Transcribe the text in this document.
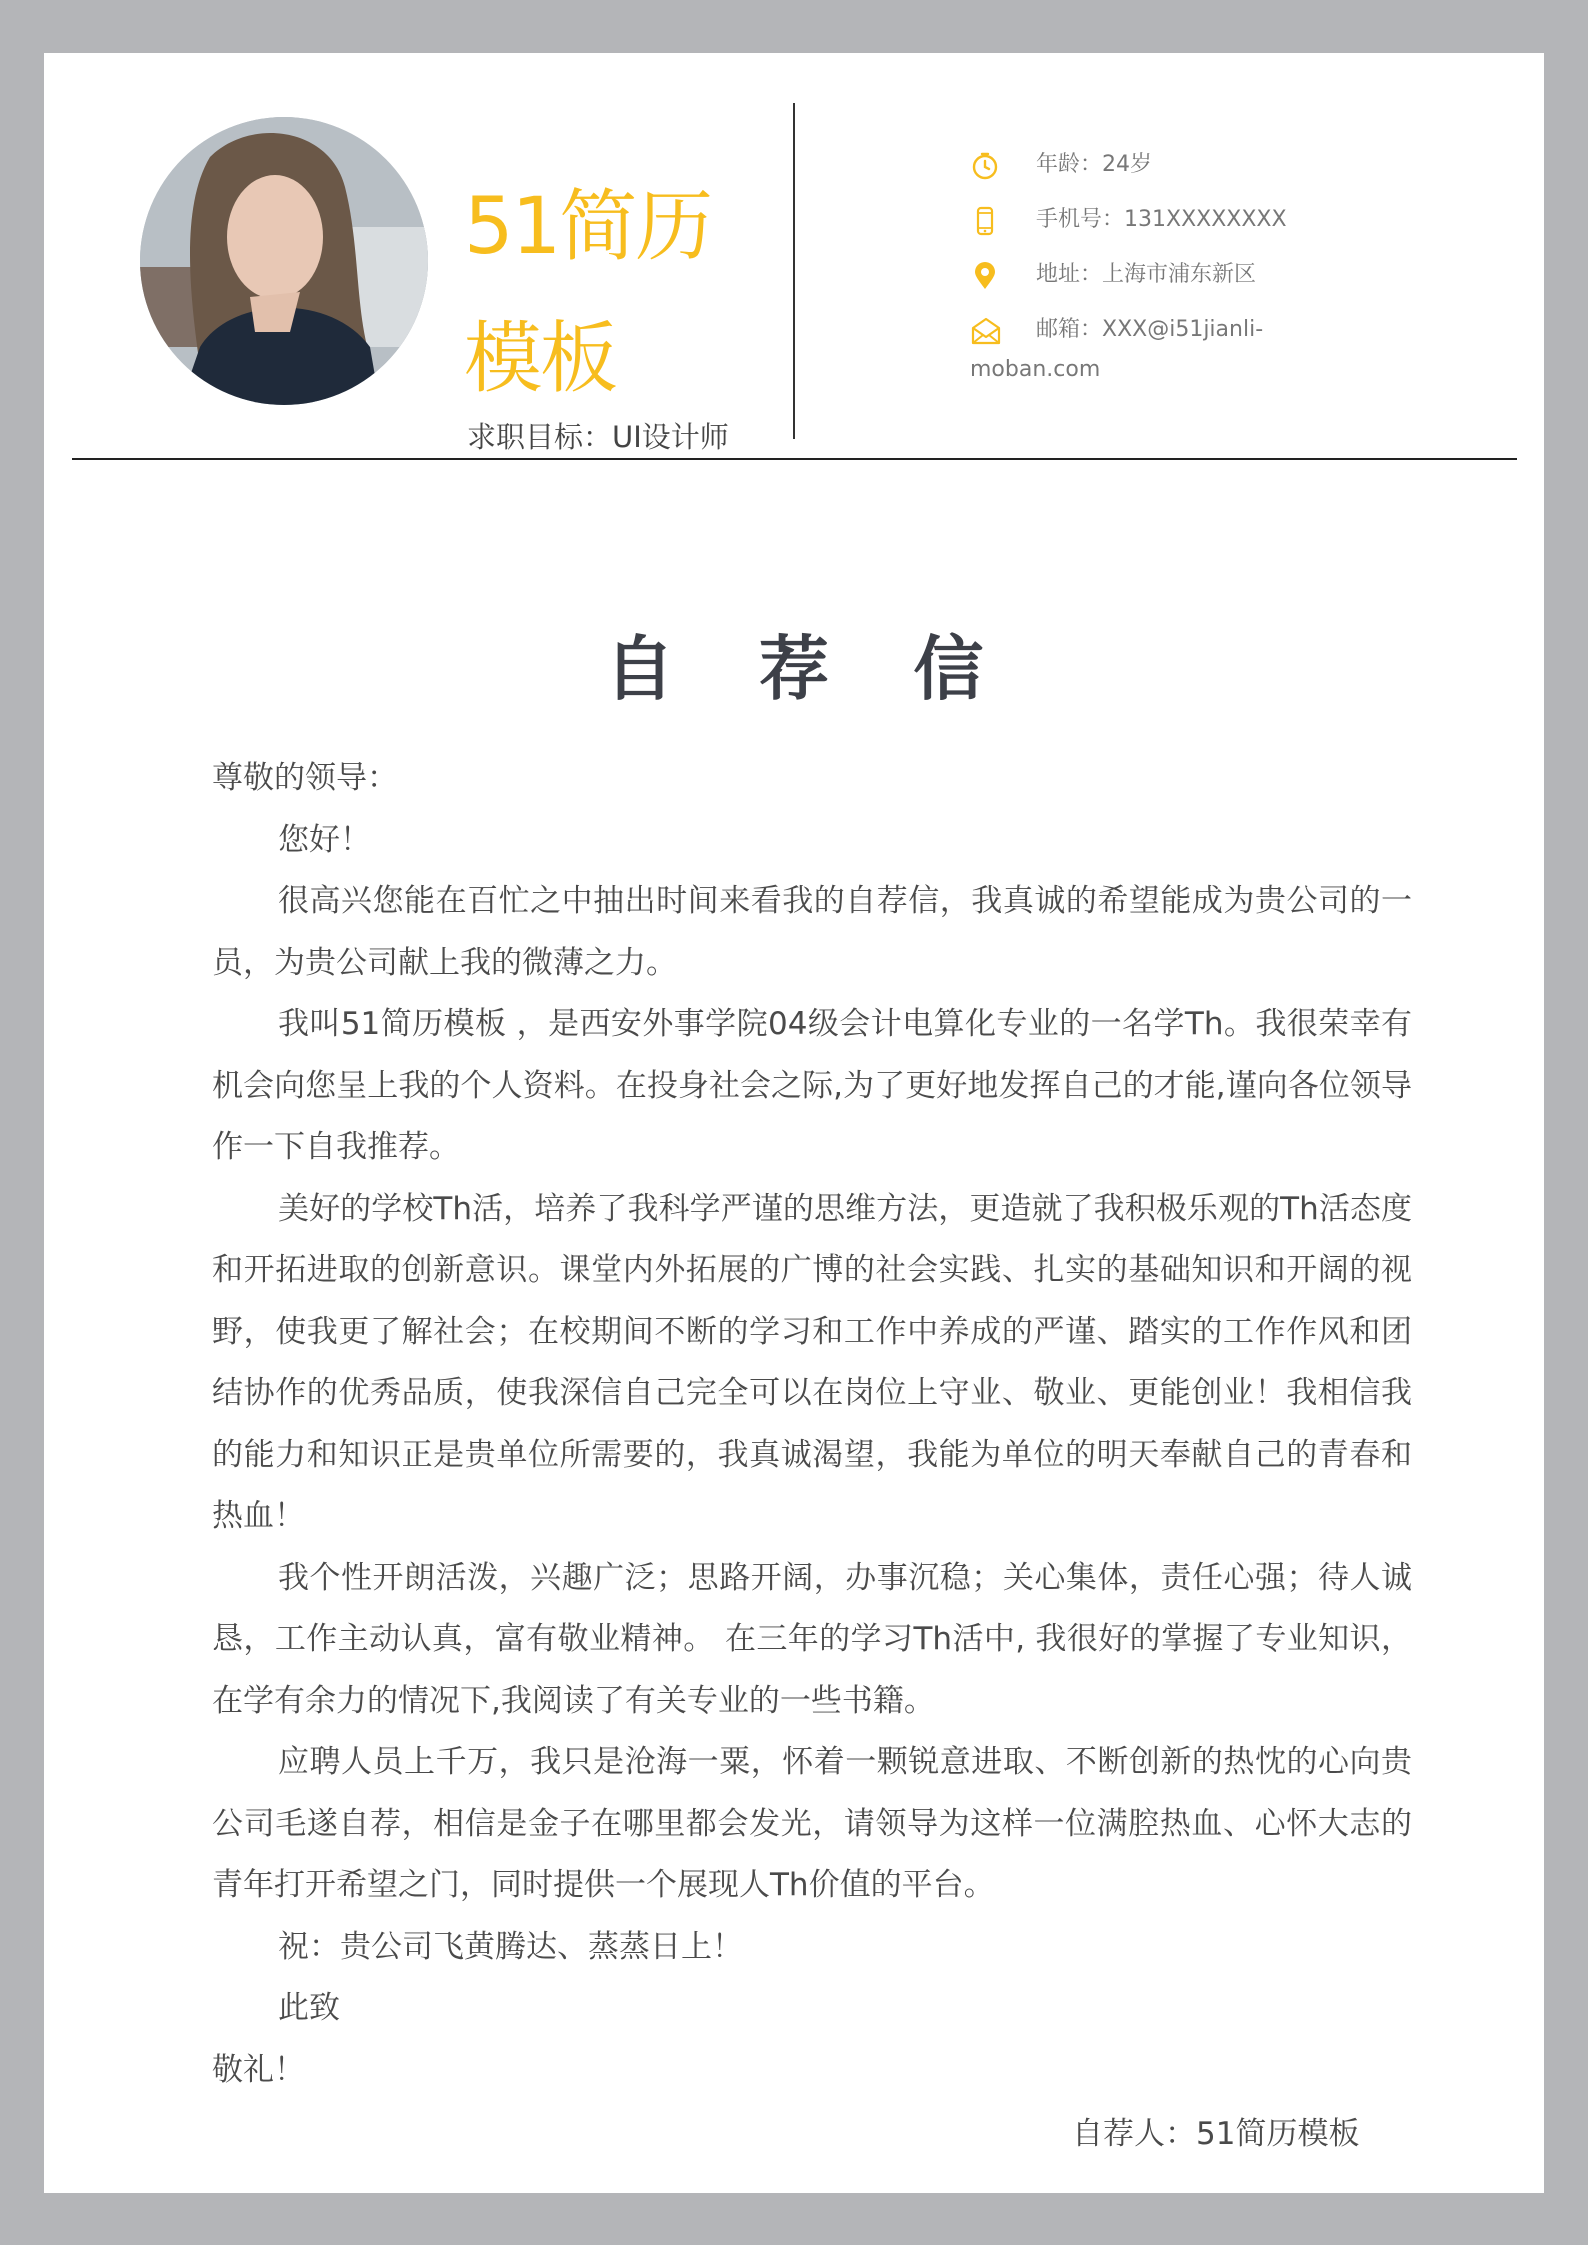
51简历
模板
求职目标：UI设计师
年龄：24岁
手机号：131XXXXXXXX
地址：上海市浦东新区
邮箱：XXX@i51jianli-
moban.com
自 荐 信

尊敬的领导：

您好！

很高兴您能在百忙之中抽出时间来看我的自荐信，我真诚的希望能成为贵公司的一员，为贵公司献上我的微薄之力。

我叫51简历模板 ，是西安外事学院04级会计电算化专业的一名学Th。我很荣幸有机会向您呈上我的个人资料。在投身社会之际,为了更好地发挥自己的才能,谨向各位领导作一下自我推荐。

美好的学校Th活，培养了我科学严谨的思维方法，更造就了我积极乐观的Th活态度和开拓进取的创新意识。课堂内外拓展的广博的社会实践、扎实的基础知识和开阔的视野，使我更了解社会；在校期间不断的学习和工作中养成的严谨、踏实的工作作风和团结协作的优秀品质，使我深信自己完全可以在岗位上守业、敬业、更能创业！我相信我的能力和知识正是贵单位所需要的，我真诚渴望，我能为单位的明天奉献自己的青春和热血！

我个性开朗活泼，兴趣广泛；思路开阔，办事沉稳；关心集体，责任心强；待人诚恳，工作主动认真，富有敬业精神。 在三年的学习Th活中, 我很好的掌握了专业知识，在学有余力的情况下,我阅读了有关专业的一些书籍。

应聘人员上千万，我只是沧海一粟，怀着一颗锐意进取、不断创新的热忱的心向贵公司毛遂自荐，相信是金子在哪里都会发光，请领导为这样一位满腔热血、心怀大志的青年打开希望之门，同时提供一个展现人Th价值的平台。

祝：贵公司飞黄腾达、蒸蒸日上！

此致

敬礼！

自荐人：51简历模板
